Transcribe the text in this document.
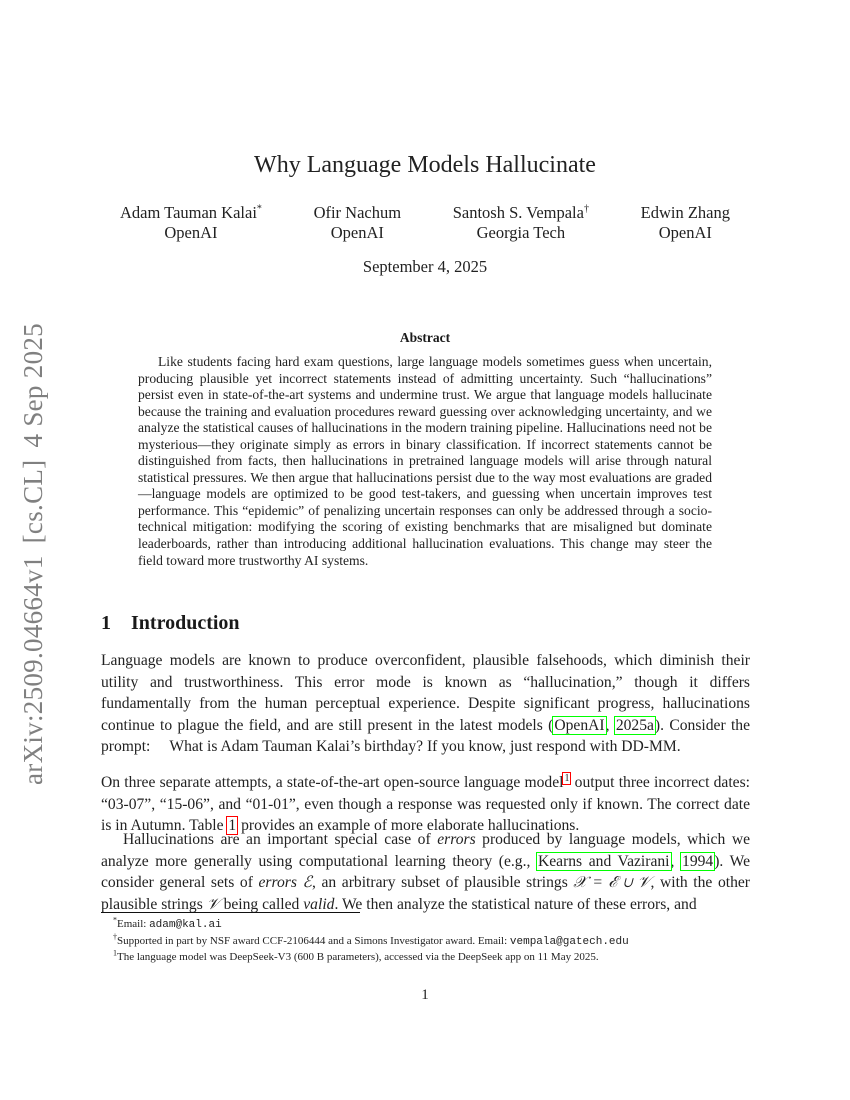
arXiv:2509.04664v1[cs.CL]4 Sep 2025
Why Language Models Hallucinate
Adam Tauman Kalai*
OpenAI
Ofir Nachum
OpenAI
Santosh S. Vempala†
Georgia Tech
Edwin Zhang
OpenAI
September 4, 2025
Abstract

Like students facing hard exam questions, large language models sometimes guess when uncertain, producing plausible yet incorrect statements instead of admitting uncertainty. Such “hallucinations” persist even in state-of-the-art systems and undermine trust. We argue that language models hallucinate because the training and evaluation procedures reward guessing over acknowledging uncertainty, and we analyze the statistical causes of hallucinations in the modern training pipeline. Hallucinations need not be mysterious—they originate simply as errors in binary classification. If incorrect statements cannot be distinguished from facts, then hallucinations in pretrained language models will arise through natural statistical pressures. We then argue that hallucinations persist due to the way most evaluations are graded—language models are optimized to be good test-takers, and guessing when uncertain improves test performance. This “epidemic” of penalizing uncertain responses can only be addressed through a socio-technical mitigation: modifying the scoring of existing benchmarks that are misaligned but dominate leaderboards, rather than introducing additional hallucination evaluations. This change may steer the field toward more trustworthy AI systems.

1 Introduction

Language models are known to produce overconfident, plausible falsehoods, which diminish their utility and trustworthiness. This error mode is known as “hallucination,” though it differs fundamentally from the human perceptual experience. Despite significant progress, hallucinations continue to plague the field, and are still present in the latest models (OpenAI, 2025a). Consider the prompt:	What is Adam Tauman Kalai’s birthday? If you know, just respond with DD-MM.

On three separate attempts, a state-of-the-art open-source language model$^1$ output three incorrect dates: “03-07”, “15-06”, and “01-01”, even though a response was requested only if known. The correct date is in Autumn. Table 1 provides an example of more elaborate hallucinations.

Hallucinations are an important special case of errors produced by language models, which we analyze more generally using computational learning theory (e.g., Kearns and Vazirani, 1994). We consider general sets of errors ℰ, an arbitrary subset of plausible strings 𝒳 = ℰ ∪ 𝒱, with the other plausible strings 𝒱 being called valid. We then analyze the statistical nature of these errors, and

*Email: adam@kal.ai
†Supported in part by NSF award CCF-2106444 and a Simons Investigator award. Email: vempala@gatech.edu
$^1$The language model was DeepSeek-V3 (600 B parameters), accessed via the DeepSeek app on 11 May 2025.
1
